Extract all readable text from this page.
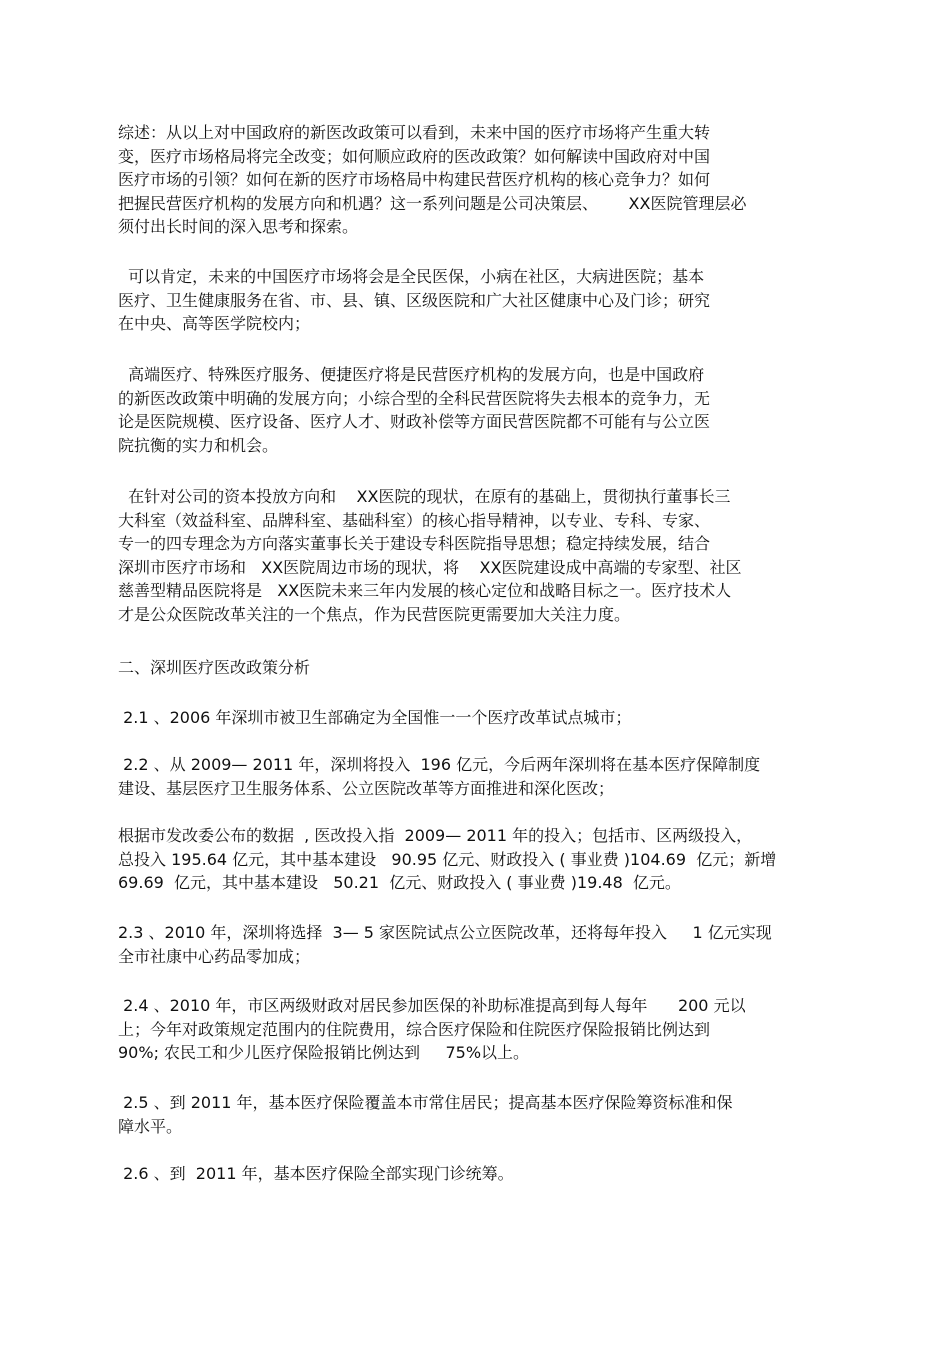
综述：从以上对中国政府的新医改政策可以看到，未来中国的医疗市场将产生重大转
变，医疗市场格局将完全改变；如何顺应政府的医改政策？如何解读中国政府对中国
医疗市场的引领？如何在新的医疗市场格局中构建民营医疗机构的核心竞争力？如何
把握民营医疗机构的发展方向和机遇？这一系列问题是公司决策层、      XX医院管理层必
须付出长时间的深入思考和探索。
可以肯定，未来的中国医疗市场将会是全民医保，小病在社区，大病进医院；基本
医疗、卫生健康服务在省、市、县、镇、区级医院和广大社区健康中心及门诊；研究
在中央、高等医学院校内；
高端医疗、特殊医疗服务、便捷医疗将是民营医疗机构的发展方向，也是中国政府
的新医改政策中明确的发展方向；小综合型的全科民营医院将失去根本的竞争力，无
论是医院规模、医疗设备、医疗人才、财政补偿等方面民营医院都不可能有与公立医
院抗衡的实力和机会。
在针对公司的资本投放方向和    XX医院的现状，在原有的基础上，贯彻执行董事长三
大科室（效益科室、品牌科室、基础科室）的核心指导精神，以专业、专科、专家、
专一的四专理念为方向落实董事长关于建设专科医院指导思想；稳定持续发展，结合
深圳市医疗市场和   XX医院周边市场的现状，将    XX医院建设成中高端的专家型、社区
慈善型精品医院将是   XX医院未来三年内发展的核心定位和战略目标之一。医疗技术人
才是公众医院改革关注的一个焦点，作为民营医院更需要加大关注力度。
二、深圳医疗医改政策分析
2.1 、2006 年深圳市被卫生部确定为全国惟一一个医疗改革试点城市；
2.2 、从 2009— 2011 年，深圳将投入  196 亿元，今后两年深圳将在基本医疗保障制度
建设、基层医疗卫生服务体系、公立医院改革等方面推进和深化医改；
根据市发改委公布的数据  , 医改投入指  2009— 2011 年的投入；包括市、区两级投入，
总投入 195.64 亿元，其中基本建设   90.95 亿元、财政投入 ( 事业费 )104.69  亿元；新增
69.69  亿元，其中基本建设   50.21  亿元、财政投入 ( 事业费 )19.48  亿元。
2.3 、2010 年，深圳将选择  3— 5 家医院试点公立医院改革，还将每年投入     1 亿元实现
全市社康中心药品零加成；
2.4 、2010 年，市区两级财政对居民参加医保的补助标准提高到每人每年      200 元以
上；今年对政策规定范围内的住院费用，综合医疗保险和住院医疗保险报销比例达到
90%; 农民工和少儿医疗保险报销比例达到     75%以上。
2.5 、到 2011 年，基本医疗保险覆盖本市常住居民；提高基本医疗保险筹资标准和保
障水平。
2.6 、到  2011 年，基本医疗保险全部实现门诊统筹。
